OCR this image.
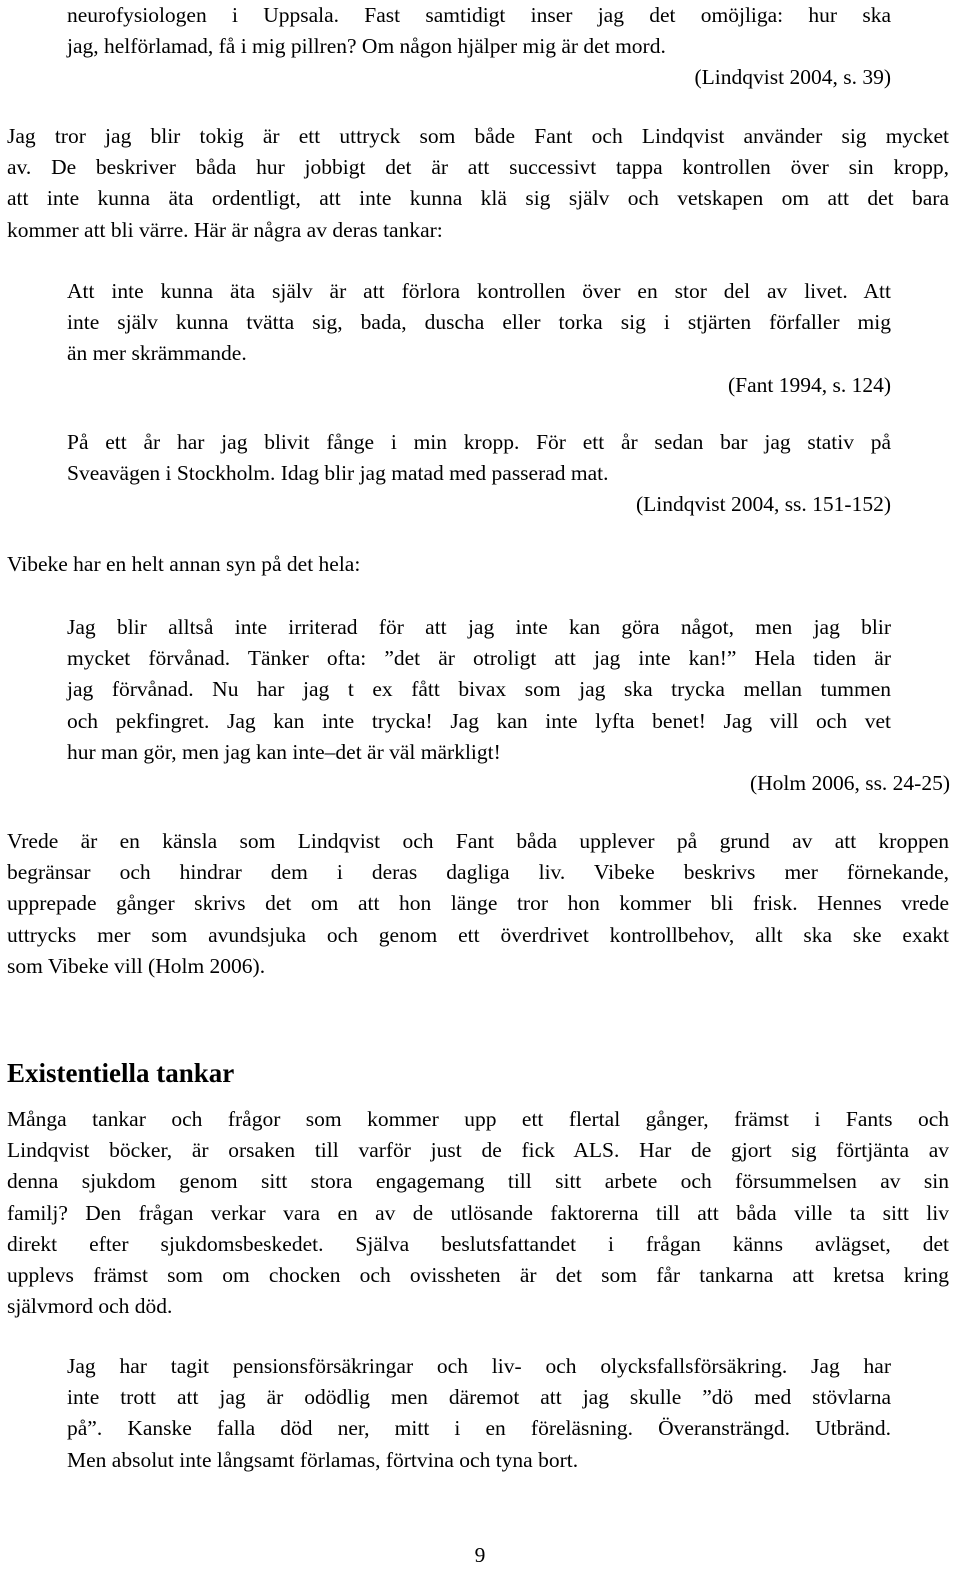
neurofysiologen i Uppsala. Fast samtidigt inser jag det omöjliga: hur ska
jag, helförlamad, få i mig pillren? Om någon hjälper mig är det mord.
(Lindqvist 2004, s. 39)
Jag tror jag blir tokig är ett uttryck som både Fant och Lindqvist använder sig mycket
av. De beskriver båda hur jobbigt det är att successivt tappa kontrollen över sin kropp,
att inte kunna äta ordentligt, att inte kunna klä sig själv och vetskapen om att det bara
kommer att bli värre. Här är några av deras tankar:
Att inte kunna äta själv är att förlora kontrollen över en stor del av livet. Att
inte själv kunna tvätta sig, bada, duscha eller torka sig i stjärten förfaller mig
än mer skrämmande.
(Fant 1994, s. 124)
På ett år har jag blivit fånge i min kropp. För ett år sedan bar jag stativ på
Sveavägen i Stockholm. Idag blir jag matad med passerad mat.
(Lindqvist 2004, ss. 151-152)
Vibeke har en helt annan syn på det hela:
Jag blir alltså inte irriterad för att jag inte kan göra något, men jag blir
mycket förvånad. Tänker ofta: ”det är otroligt att jag inte kan!” Hela tiden är
jag förvånad. Nu har jag t ex fått bivax som jag ska trycka mellan tummen
och pekfingret. Jag kan inte trycka! Jag kan inte lyfta benet! Jag vill och vet
hur man gör, men jag kan inte–det är väl märkligt!
(Holm 2006, ss. 24-25)
Vrede är en känsla som Lindqvist och Fant båda upplever på grund av att kroppen
begränsar och hindrar dem i deras dagliga liv. Vibeke beskrivs mer förnekande,
upprepade gånger skrivs det om att hon länge tror hon kommer bli frisk. Hennes vrede
uttrycks mer som avundsjuka och genom ett överdrivet kontrollbehov, allt ska ske exakt
som Vibeke vill (Holm 2006).
Existentiella tankar
Många tankar och frågor som kommer upp ett flertal gånger, främst i Fants och
Lindqvist böcker, är orsaken till varför just de fick ALS. Har de gjort sig förtjänta av
denna sjukdom genom sitt stora engagemang till sitt arbete och försummelsen av sin
familj? Den frågan verkar vara en av de utlösande faktorerna till att båda ville ta sitt liv
direkt efter sjukdomsbeskedet. Själva beslutsfattandet i frågan känns avlägset, det
upplevs främst som om chocken och ovissheten är det som får tankarna att kretsa kring
självmord och död.
Jag har tagit pensionsförsäkringar och liv- och olycksfallsförsäkring. Jag har
inte trott att jag är odödlig men däremot att jag skulle ”dö med stövlarna
på”. Kanske falla död ner, mitt i en föreläsning. Överansträngd. Utbränd.
Men absolut inte långsamt förlamas, förtvina och tyna bort.
9
